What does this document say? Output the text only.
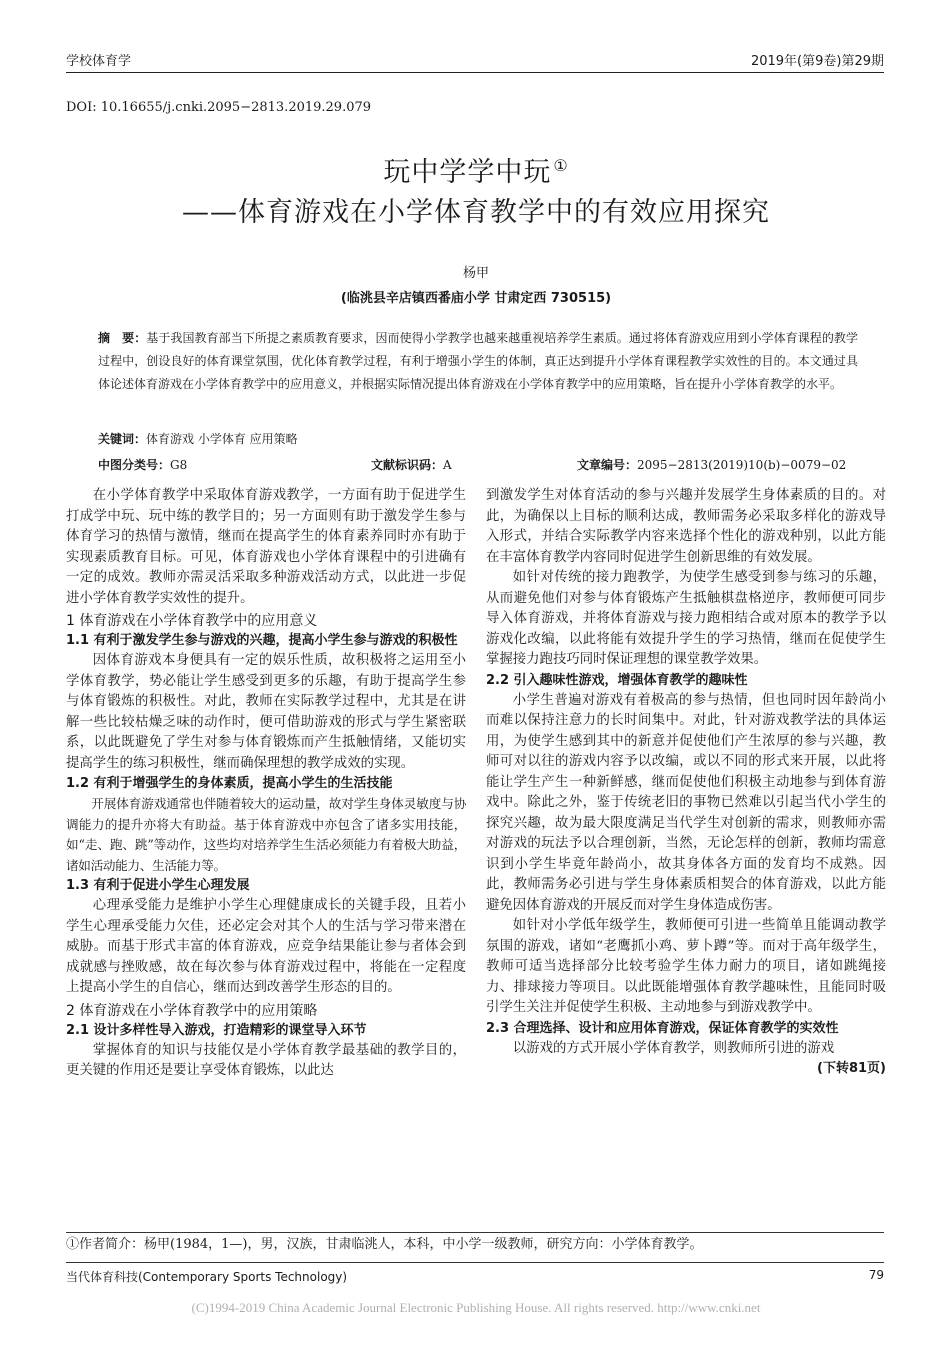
学校体育学	2019年(第9卷)第29期
DOI: 10.16655/j.cnki.2095−2813.2019.29.079
玩中学学中玩 ①
——体育游戏在小学体育教学中的有效应用探究
杨甲
(临洮县辛店镇西番庙小学 甘肃定西 730515)
摘　要：基于我国教育部当下所提之素质教育要求，因而使得小学教学也越来越重视培养学生素质。通过将体育游戏应用到小学体育课程的教学过程中，创设良好的体育课堂氛围，优化体育教学过程，有利于增强小学生的体制，真正达到提升小学体育课程教学实效性的目的。本文通过具体论述体育游戏在小学体育教学中的应用意义，并根据实际情况提出体育游戏在小学体育教学中的应用策略，旨在提升小学体育教学的水平。
关键词：体育游戏 小学体育 应用策略
中图分类号：G8	文献标识码：A	文章编号：2095−2813(2019)10(b)−0079−02

在小学体育教学中采取体育游戏教学，一方面有助于促进学生打成学中玩、玩中练的教学目的；另一方面则有助于激发学生参与体育学习的热情与激情，继而在提高学生的体育素养同时亦有助于实现素质教育目标。可见，体育游戏也小学体育课程中的引进确有一定的成效。教师亦需灵活采取多种游戏活动方式，以此进一步促进小学体育教学实效性的提升。

1 体育游戏在小学体育教学中的应用意义
1.1 有利于激发学生参与游戏的兴趣，提高小学生参与游戏的积极性

因体育游戏本身便具有一定的娱乐性质，故积极将之运用至小学体育教学，势必能让学生感受到更多的乐趣，有助于提高学生参与体育锻炼的积极性。对此，教师在实际教学过程中，尤其是在讲解一些比较枯燥乏味的动作时，便可借助游戏的形式与学生紧密联系，以此既避免了学生对参与体育锻炼而产生抵触情绪，又能切实提高学生的练习积极性，继而确保理想的教学成效的实现。

1.2 有利于增强学生的身体素质，提高小学生的生活技能

开展体育游戏通常也伴随着较大的运动量，故对学生身体灵敏度与协调能力的提升亦将大有助益。基于体育游戏中亦包含了诸多实用技能，如“走、跑、跳”等动作，这些均对培养学生生活必须能力有着极大助益，诸如活动能力、生活能力等。

1.3 有利于促进小学生心理发展

心理承受能力是维护小学生心理健康成长的关键手段，且若小学生心理承受能力欠佳，还必定会对其个人的生活与学习带来潜在威胁。而基于形式丰富的体育游戏，应竞争结果能让参与者体会到成就感与挫败感，故在每次参与体育游戏过程中，将能在一定程度上提高小学生的自信心，继而达到改善学生形态的目的。

2 体育游戏在小学体育教学中的应用策略
2.1 设计多样性导入游戏，打造精彩的课堂导入环节

掌握体育的知识与技能仅是小学体育教学最基础的教学目的，更关键的作用还是要让享受体育锻炼，以此达

到激发学生对体育活动的参与兴趣并发展学生身体素质的目的。对此，为确保以上目标的顺利达成，教师需务必采取多样化的游戏导入形式，并结合实际教学内容来选择个性化的游戏种别，以此方能在丰富体育教学内容同时促进学生创新思维的有效发展。

如针对传统的接力跑教学，为使学生感受到参与练习的乐趣，从而避免他们对参与体育锻炼产生抵触棋盘格逆序，教师便可同步导入体育游戏，并将体育游戏与接力跑相结合或对原本的教学予以游戏化改编，以此将能有效提升学生的学习热情，继而在促使学生掌握接力跑技巧同时保证理想的课堂教学效果。

2.2 引入趣味性游戏，增强体育教学的趣味性

小学生普遍对游戏有着极高的参与热情，但也同时因年龄尚小而难以保持注意力的长时间集中。对此，针对游戏教学法的具体运用，为使学生感到其中的新意并促使他们产生浓厚的参与兴趣，教师可对以往的游戏内容予以改编，或以不同的形式来开展，以此将能让学生产生一种新鲜感，继而促使他们积极主动地参与到体育游戏中。除此之外，鉴于传统老旧的事物已然难以引起当代小学生的探究兴趣，故为最大限度满足当代学生对创新的需求，则教师亦需对游戏的玩法予以合理创新，当然，无论怎样的创新，教师均需意识到小学生毕竟年龄尚小，故其身体各方面的发育均不成熟。因此，教师需务必引进与学生身体素质相契合的体育游戏，以此方能避免因体育游戏的开展反而对学生身体造成伤害。

如针对小学低年级学生，教师便可引进一些简单且能调动教学氛围的游戏，诸如“老鹰抓小鸡、萝卜蹲”等。而对于高年级学生，教师可适当选择部分比较考验学生体力耐力的项目，诸如跳绳接力、排球接力等项目。以此既能增强体育教学趣味性，且能同时吸引学生关注并促使学生积极、主动地参与到游戏教学中。

2.3 合理选择、设计和应用体育游戏，保证体育教学的实效性

以游戏的方式开展小学体育教学，则教师所引进的游戏

(下转81页)
①作者简介：杨甲(1984，1—)，男，汉族，甘肃临洮人，本科，中小学一级教师，研究方向：小学体育教学。
当代体育科技(Contemporary Sports Technology)	79
(C)1994-2019 China Academic Journal Electronic Publishing House. All rights reserved. http://www.cnki.net
